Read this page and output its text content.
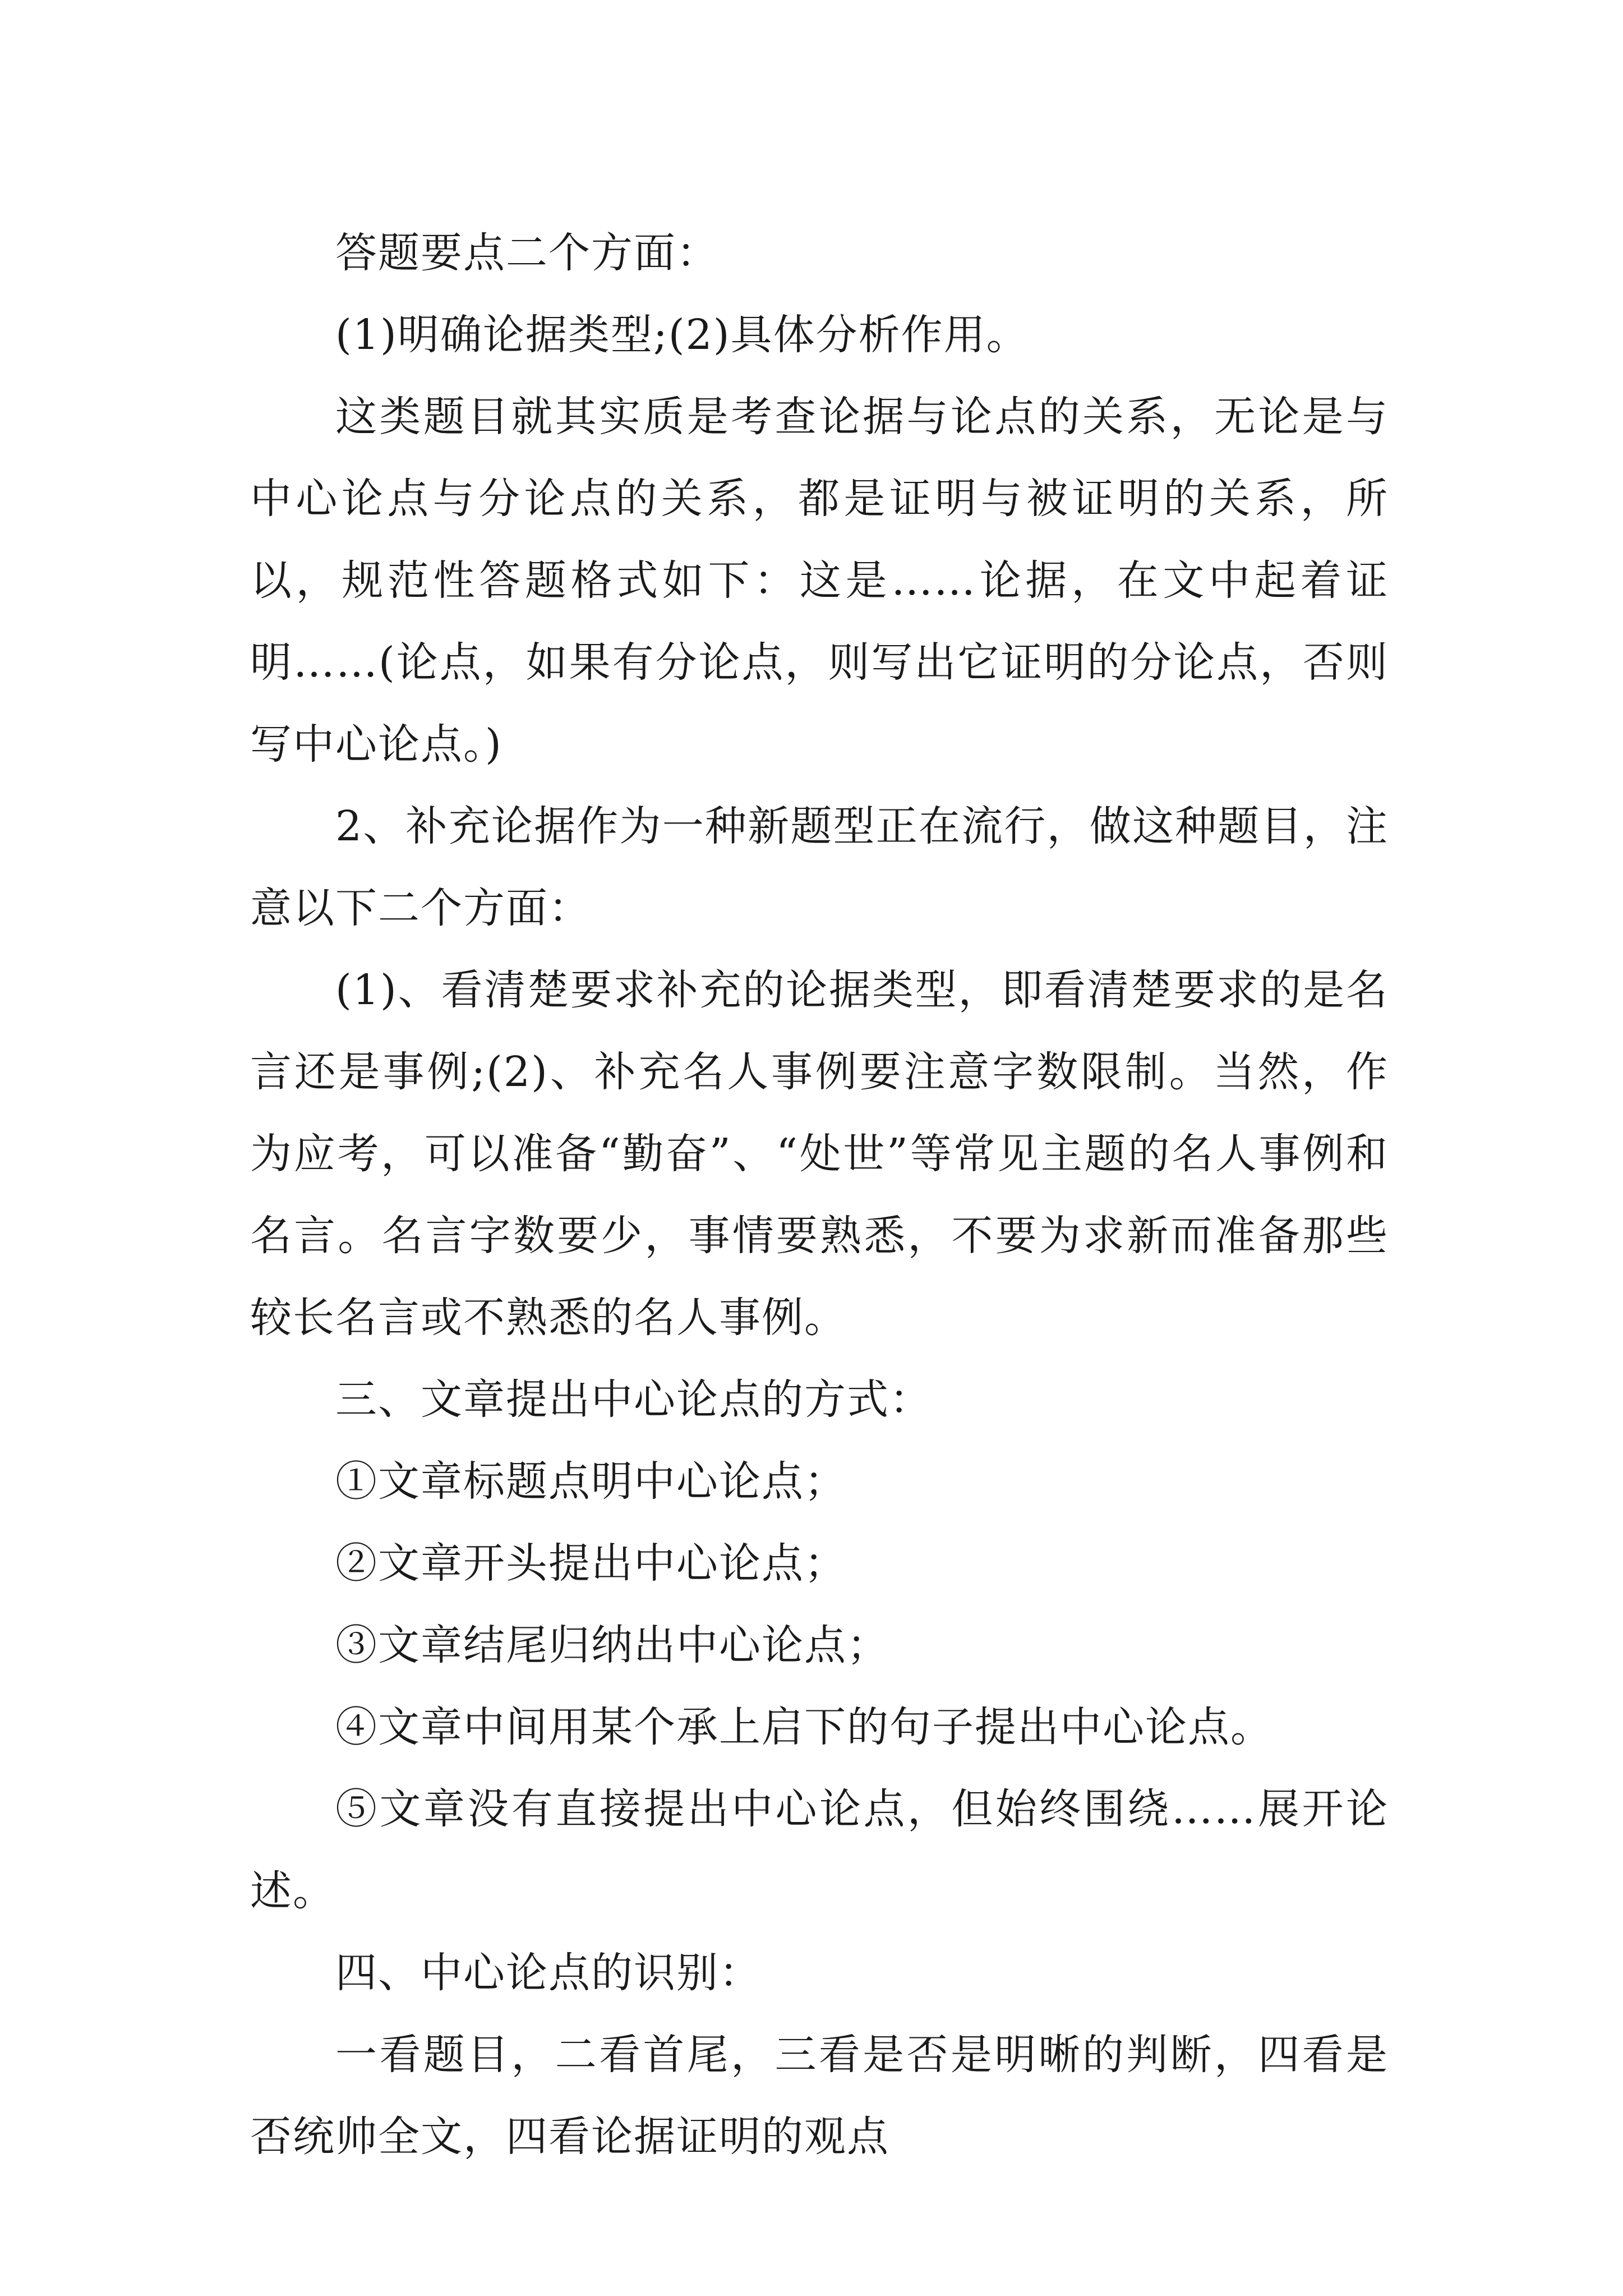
答题要点二个方面：

(1)明确论据类型;(2)具体分析作用。

这类题目就其实质是考查论据与论点的关系，无论是与中心论点与分论点的关系，都是证明与被证明的关系，所以，规范性答题格式如下：这是……论据，在文中起着证明……(论点，如果有分论点，则写出它证明的分论点，否则写中心论点。)

2、补充论据作为一种新题型正在流行，做这种题目，注意以下二个方面：

(1)、看清楚要求补充的论据类型，即看清楚要求的是名言还是事例;(2)、补充名人事例要注意字数限制。当然，作为应考，可以准备“勤奋”、“处世”等常见主题的名人事例和名言。名言字数要少，事情要熟悉，不要为求新而准备那些较长名言或不熟悉的名人事例。

三、文章提出中心论点的方式：

①文章标题点明中心论点；

②文章开头提出中心论点；

③文章结尾归纳出中心论点；

④文章中间用某个承上启下的句子提出中心论点。

⑤文章没有直接提出中心论点，但始终围绕……展开论述。

四、中心论点的识别：

一看题目，二看首尾，三看是否是明晰的判断，四看是否统帅全文，四看论据证明的观点
